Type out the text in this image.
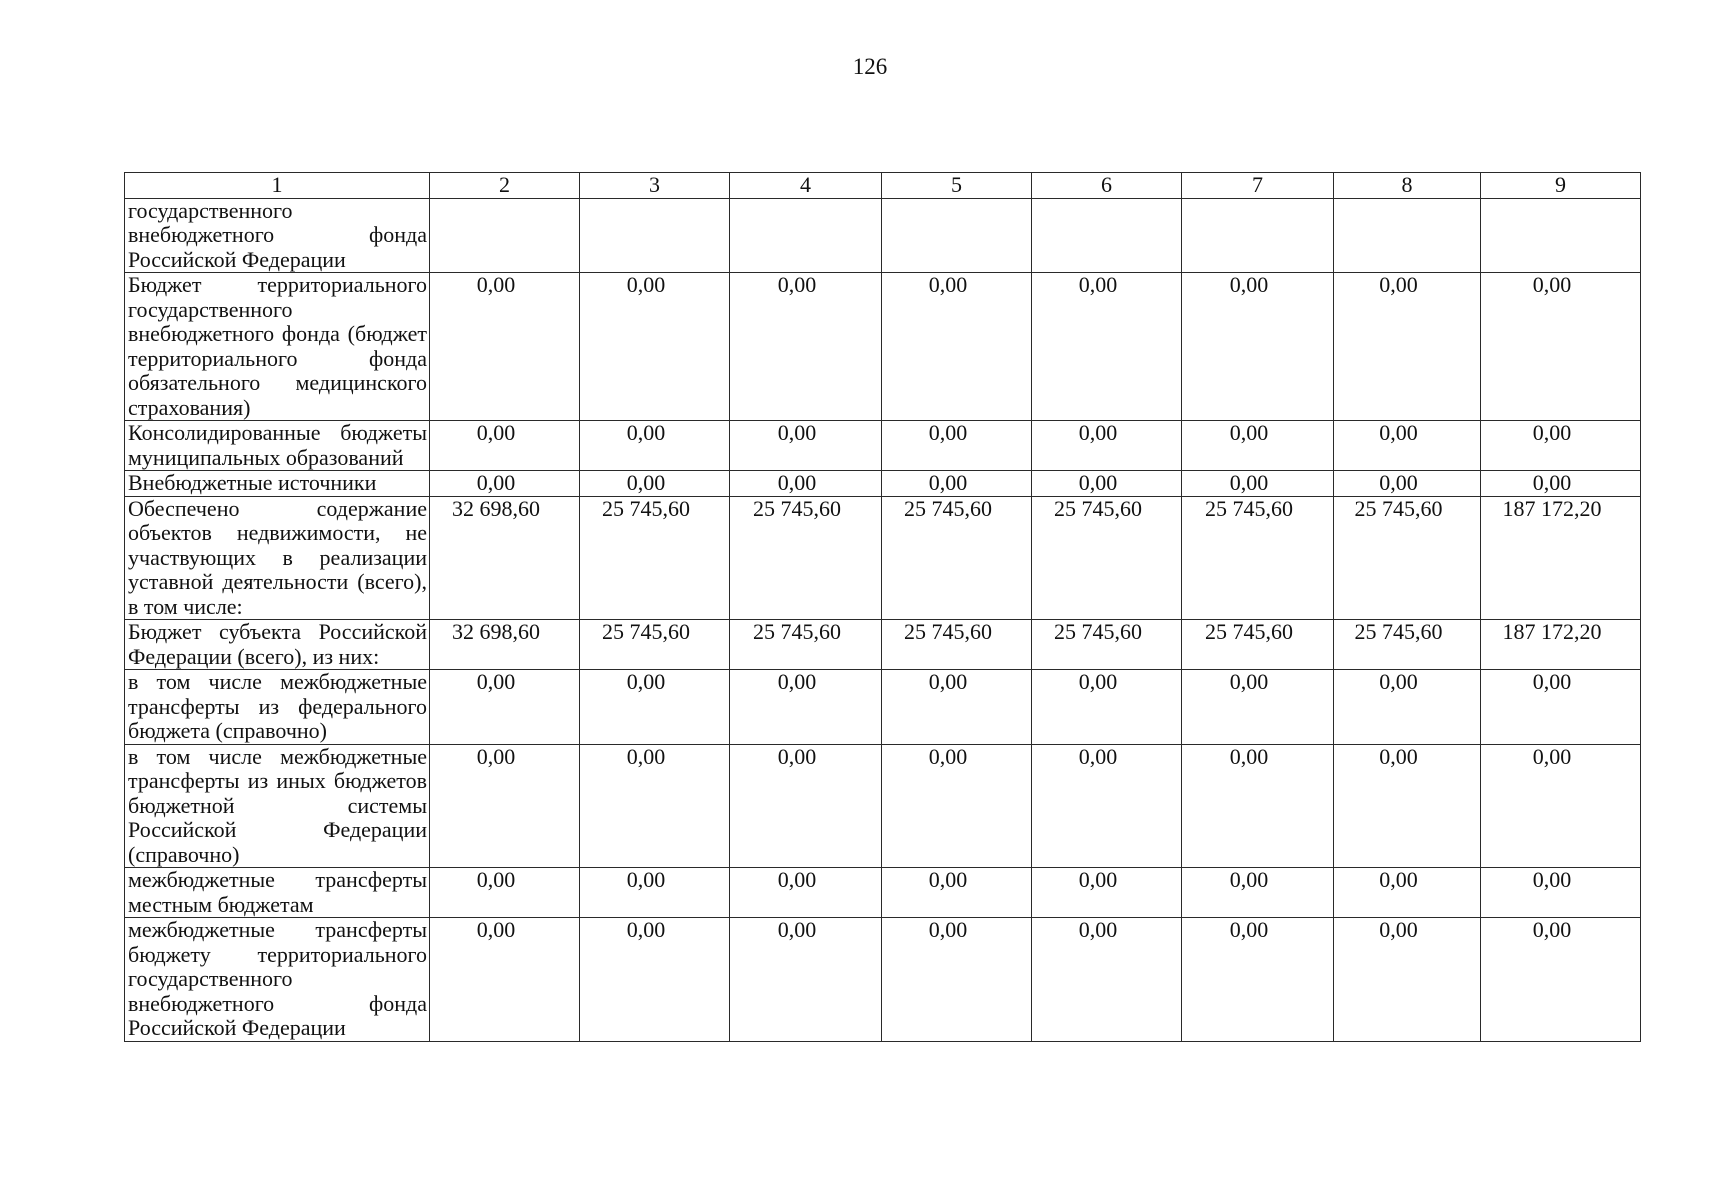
126
1	2	3	4	5	6	7	8	9
государственного внебюджетного фонда Российской Федерации								
Бюджет территориального государственного внебюджетного фонда (бюджет территориального фонда обязательного медицинского страхования)	0,00	0,00	0,00	0,00	0,00	0,00	0,00	0,00
Консолидированные бюджеты муниципальных образований	0,00	0,00	0,00	0,00	0,00	0,00	0,00	0,00
Внебюджетные источники	0,00	0,00	0,00	0,00	0,00	0,00	0,00	0,00
Обеспечено содержание объектов недвижимости, не участвующих в реализации уставной деятельности (всего), в том числе:	32 698,60	25 745,60	25 745,60	25 745,60	25 745,60	25 745,60	25 745,60	187 172,20
Бюджет субъекта Российской Федерации (всего), из них:	32 698,60	25 745,60	25 745,60	25 745,60	25 745,60	25 745,60	25 745,60	187 172,20
в том числе межбюджетные трансферты из федерального бюджета (справочно)	0,00	0,00	0,00	0,00	0,00	0,00	0,00	0,00
в том числе межбюджетные трансферты из иных бюджетов бюджетной системы Российской Федерации (справочно)	0,00	0,00	0,00	0,00	0,00	0,00	0,00	0,00
межбюджетные трансферты местным бюджетам	0,00	0,00	0,00	0,00	0,00	0,00	0,00	0,00
межбюджетные трансферты бюджету территориального государственного внебюджетного фонда Российской Федерации	0,00	0,00	0,00	0,00	0,00	0,00	0,00	0,00
